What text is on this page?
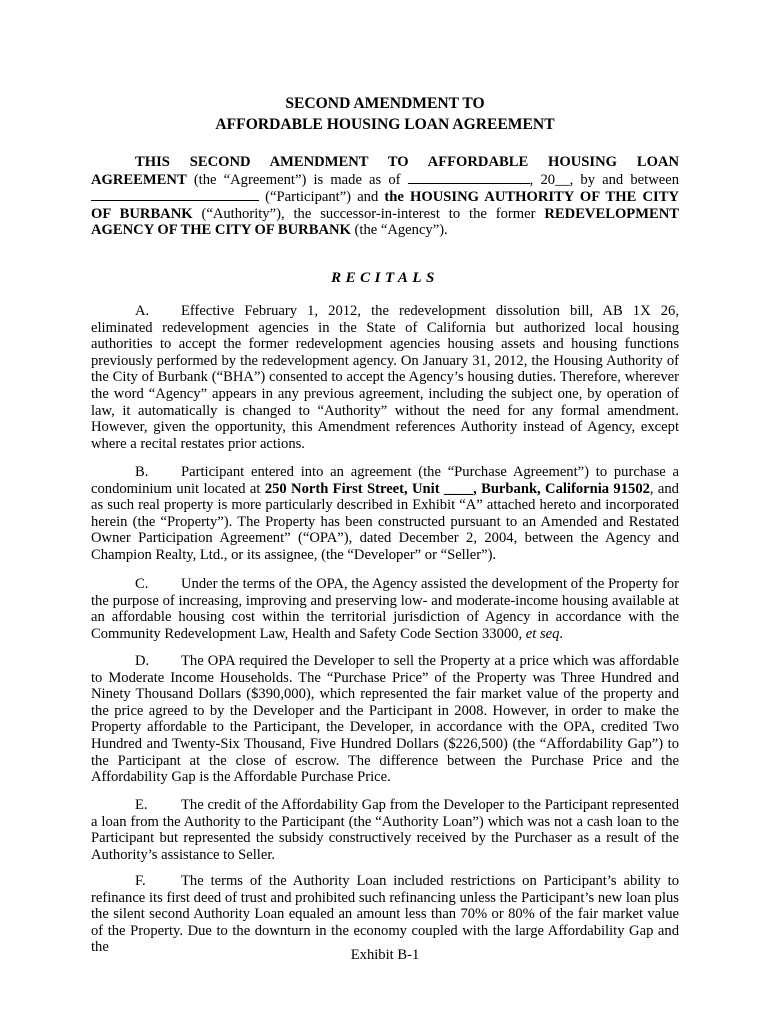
SECOND AMENDMENT TO
AFFORDABLE HOUSING LOAN AGREEMENT
THIS SECOND AMENDMENT TO AFFORDABLE HOUSING LOAN AGREEMENT (the “Agreement”) is made as of	, 20__, by and between  (“Participant”) and the HOUSING AUTHORITY OF THE CITY OF BURBANK (“Authority”), the successor-in-interest to the former REDEVELOPMENT AGENCY OF THE CITY OF BURBANK (the “Agency”).
RECITALS
A. Effective February 1, 2012, the redevelopment dissolution bill, AB 1X 26, eliminated redevelopment agencies in the State of California but authorized local housing authorities to accept the former redevelopment agencies housing assets and housing functions previously performed by the redevelopment agency. On January 31, 2012, the Housing Authority of the City of Burbank (“BHA”) consented to accept the Agency’s housing duties. Therefore, wherever the word “Agency” appears in any previous agreement, including the subject one, by operation of law, it automatically is changed to “Authority” without the need for any formal amendment. However, given the opportunity, this Amendment references Authority instead of Agency, except where a recital restates prior actions.
B. Participant entered into an agreement (the “Purchase Agreement”) to purchase a condominium unit located at 250 North First Street, Unit ____, Burbank, California 91502, and as such real property is more particularly described in Exhibit “A” attached hereto and incorporated herein (the “Property”). The Property has been constructed pursuant to an Amended and Restated Owner Participation Agreement” (“OPA”), dated December 2, 2004, between the Agency and Champion Realty, Ltd., or its assignee, (the “Developer” or “Seller”).
C. Under the terms of the OPA, the Agency assisted the development of the Property for the purpose of increasing, improving and preserving low- and moderate-income housing available at an affordable housing cost within the territorial jurisdiction of Agency in accordance with the Community Redevelopment Law, Health and Safety Code Section 33000, et seq.
D. The OPA required the Developer to sell the Property at a price which was affordable to Moderate Income Households. The “Purchase Price” of the Property was Three Hundred and Ninety Thousand Dollars ($390,000), which represented the fair market value of the property and the price agreed to by the Developer and the Participant in 2008. However, in order to make the Property affordable to the Participant, the Developer, in accordance with the OPA, credited Two Hundred and Twenty-Six Thousand, Five Hundred Dollars ($226,500) (the “Affordability Gap”) to the Participant at the close of escrow. The difference between the Purchase Price and the Affordability Gap is the Affordable Purchase Price.
E. The credit of the Affordability Gap from the Developer to the Participant represented a loan from the Authority to the Participant (the “Authority Loan”) which was not a cash loan to the Participant but represented the subsidy constructively received by the Purchaser as a result of the Authority’s assistance to Seller.
F. The terms of the Authority Loan included restrictions on Participant’s ability to refinance its first deed of trust and prohibited such refinancing unless the Participant’s new loan plus the silent second Authority Loan equaled an amount less than 70% or 80% of the fair market value of the Property. Due to the downturn in the economy coupled with the large Affordability Gap and the	Exhibit B-1
